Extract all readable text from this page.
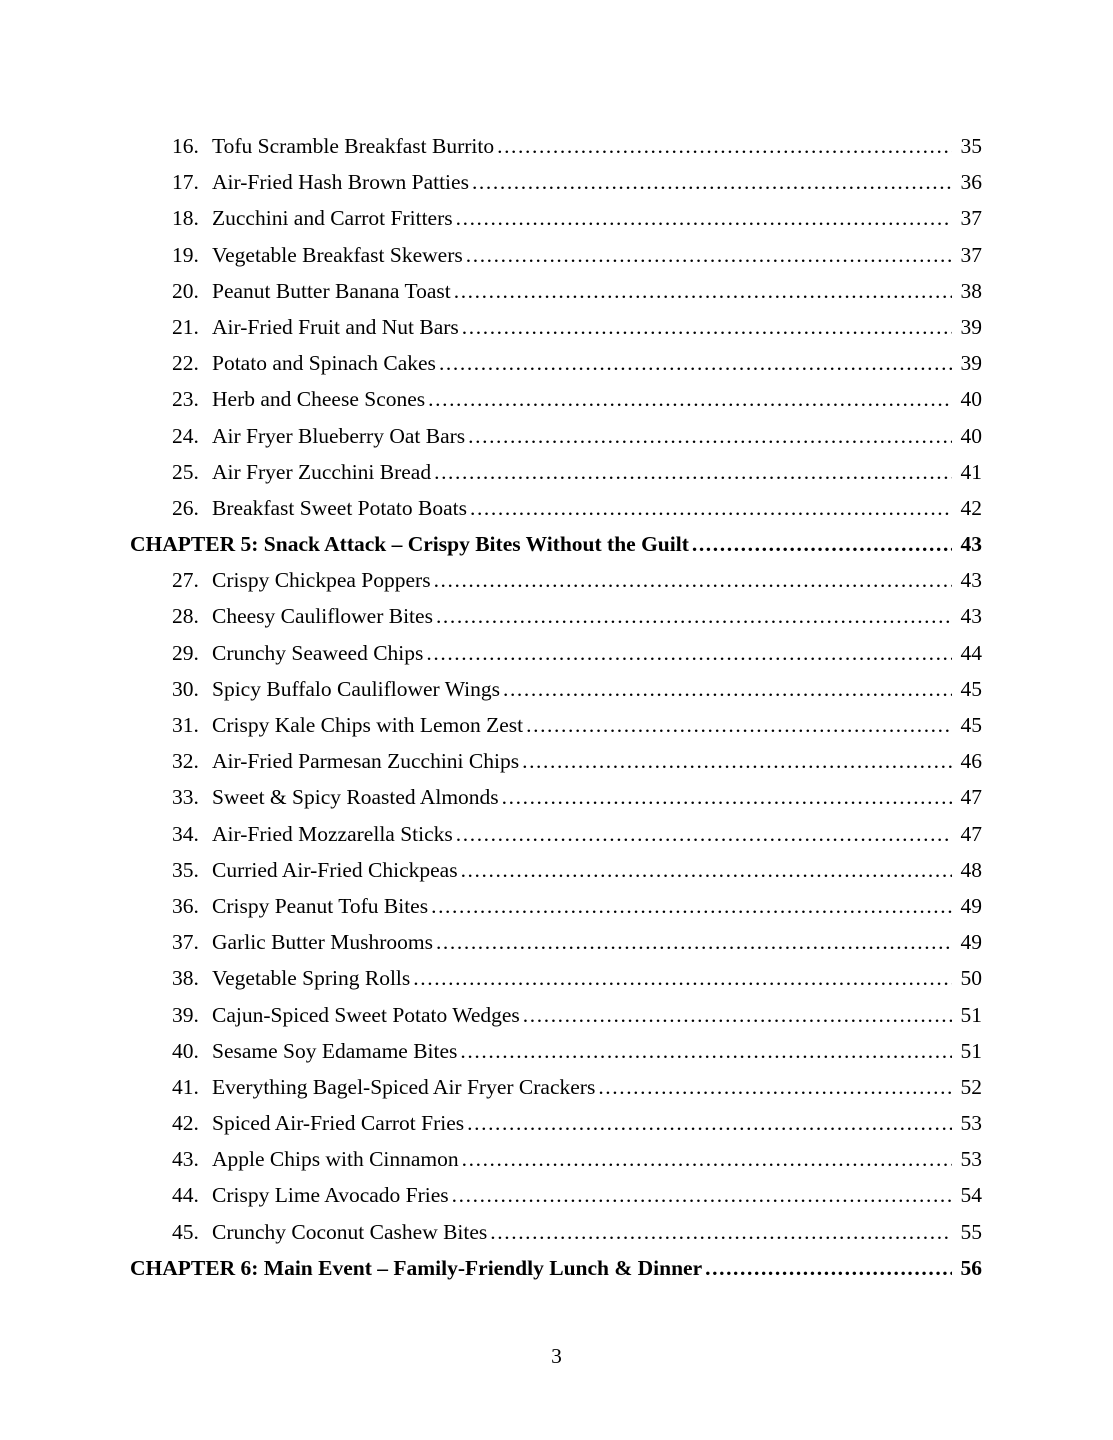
16. Tofu Scramble Breakfast Burrito .....	35
17. Air-Fried Hash Brown Patties .....	36
18. Zucchini and Carrot Fritters .....	37
19. Vegetable Breakfast Skewers .....	37
20. Peanut Butter Banana Toast .....	38
21. Air-Fried Fruit and Nut Bars .....	39
22. Potato and Spinach Cakes .....	39
23. Herb and Cheese Scones .....	40
24. Air Fryer Blueberry Oat Bars .....	40
25. Air Fryer Zucchini Bread .....	41
26. Breakfast Sweet Potato Boats .....	42
CHAPTER 5: Snack Attack – Crispy Bites Without the Guilt .....	43
27. Crispy Chickpea Poppers .....	43
28. Cheesy Cauliflower Bites .....	43
29. Crunchy Seaweed Chips .....	44
30. Spicy Buffalo Cauliflower Wings .....	45
31. Crispy Kale Chips with Lemon Zest .....	45
32. Air-Fried Parmesan Zucchini Chips .....	46
33. Sweet & Spicy Roasted Almonds .....	47
34. Air-Fried Mozzarella Sticks .....	47
35. Curried Air-Fried Chickpeas .....	48
36. Crispy Peanut Tofu Bites .....	49
37. Garlic Butter Mushrooms .....	49
38. Vegetable Spring Rolls .....	50
39. Cajun-Spiced Sweet Potato Wedges .....	51
40. Sesame Soy Edamame Bites .....	51
41. Everything Bagel-Spiced Air Fryer Crackers .....	52
42. Spiced Air-Fried Carrot Fries .....	53
43. Apple Chips with Cinnamon .....	53
44. Crispy Lime Avocado Fries .....	54
45. Crunchy Coconut Cashew Bites .....	55
CHAPTER 6: Main Event – Family-Friendly Lunch & Dinner .....	56
3
